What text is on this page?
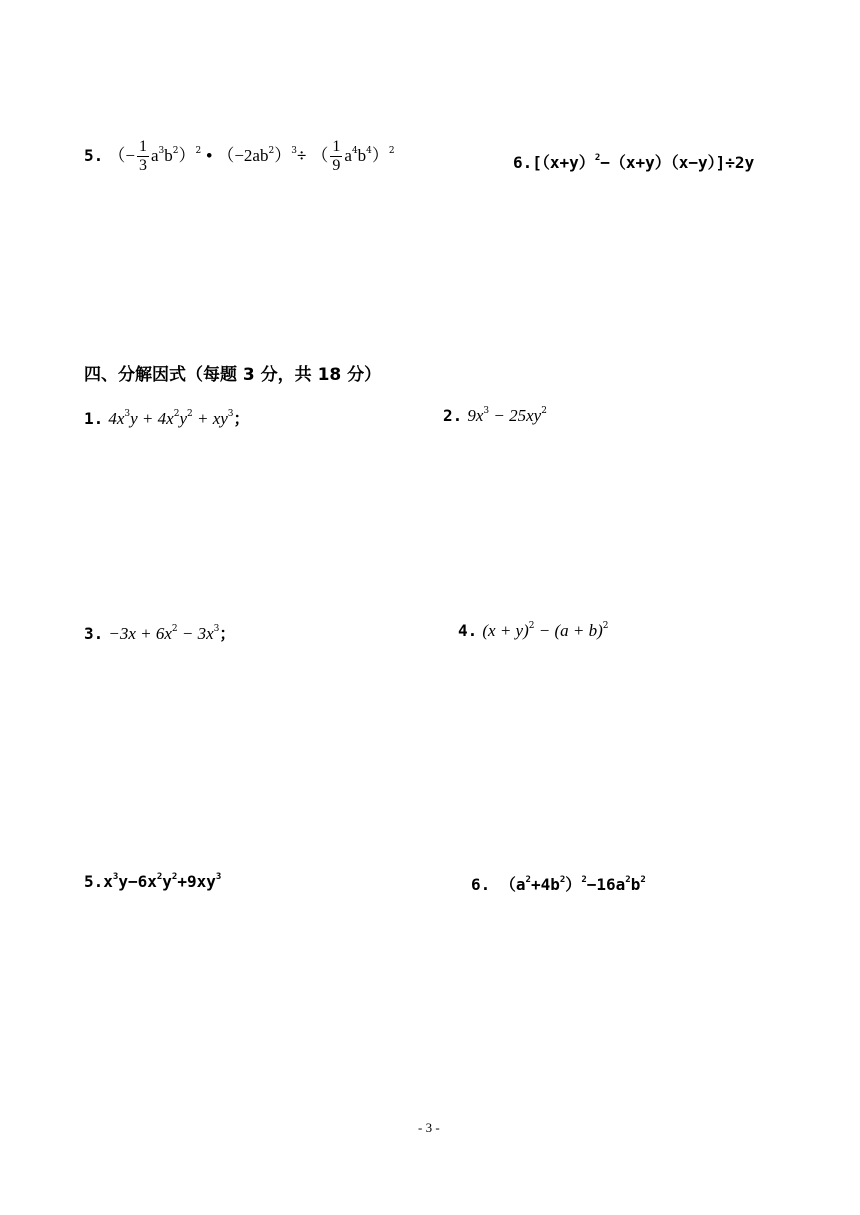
5. （− $\frac{1}{3} a^3b^2)^2$ • $(-2ab^2)^3\div$ （ $\frac{1}{9} a^4b^4)^2$
$6.[(x+y)^2-(x+y)(x-y)]\div 2y$
四、分解因式（每题 3 分，共 18 分）
1. $4x^3y + 4x^2y^2 + xy^3$；	2. $9x^3 - 25xy^2$
3. $-3x + 6x^2 - 3x^3$；	4. $(x + y)^2 - (a + b)^2$
$5.x^3y-6x^2y^2+9xy^3$	6. $(a^2+4b^2)^2-16a^2b^2$
- 3 -
